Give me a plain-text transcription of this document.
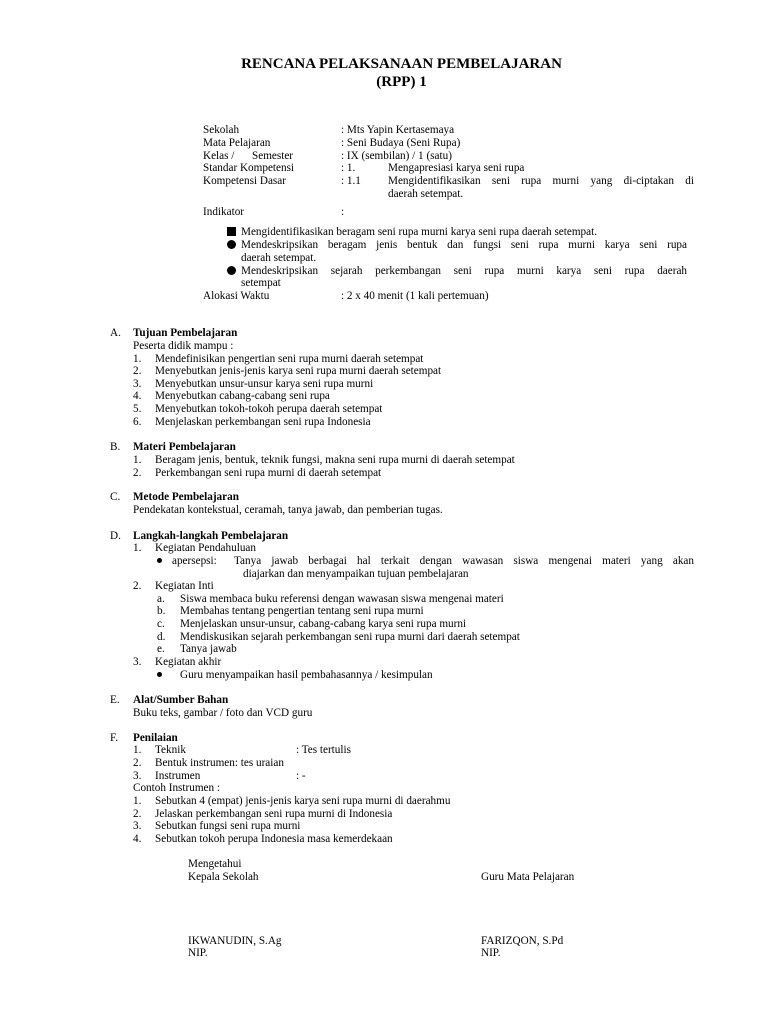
RENCANA PELAKSANAAN PEMBELAJARAN
(RPP) 1
Sekolah	: Mts Yapin Kertasemaya
Mata Pelajaran	: Seni Budaya (Seni Rupa)
Kelas / Semester	: IX (sembilan) / 1 (satu)
Standar Kompetensi	: 1.	Mengapresiasi karya seni rupa
Kompetensi Dasar	: 1.1 Mengidentifikasikan seni rupa murni yang di-ciptakan di
daerah setempat.
Indikator	:
Mengidentifikasikan beragam seni rupa murni karya seni rupa daerah setempat.
Mendeskripsikan beragam jenis bentuk dan fungsi seni rupa murni karya seni rupa
daerah setempat.
Mendeskripsikan sejarah perkembangan seni rupa murni karya seni rupa daerah
setempat
Alokasi Waktu	: 2 x 40 menit (1 kali pertemuan)
A. Tujuan Pembelajaran
Peserta didik mampu :
1. Mendefinisikan pengertian seni rupa murni daerah setempat
2. Menyebutkan jenis-jenis karya seni rupa murni daerah setempat
3. Menyebutkan unsur-unsur karya seni rupa murni
4. Menyebutkan cabang-cabang seni rupa
5. Menyebutkan tokoh-tokoh perupa daerah setempat
6. Menjelaskan perkembangan seni rupa Indonesia
B. Materi Pembelajaran
1. Beragam jenis, bentuk, teknik fungsi, makna seni rupa murni di daerah setempat
2. Perkembangan seni rupa murni di daerah setempat
C. Metode Pembelajaran
Pendekatan kontekstual, ceramah, tanya jawab, dan pemberian tugas.
D. Langkah-langkah Pembelajaran
1. Kegiatan Pendahuluan
apersepsi: Tanya jawab berbagai hal terkait dengan wawasan siswa mengenai materi yang akan
diajarkan dan menyampaikan tujuan pembelajaran
2. Kegiatan Inti
a. Siswa membaca buku referensi dengan wawasan siswa mengenai materi
b. Membahas tentang pengertian tentang seni rupa murni
c. Menjelaskan unsur-unsur, cabang-cabang karya seni rupa murni
d. Mendiskusikan sejarah perkembangan seni rupa murni dari daerah setempat
e. Tanya jawab
3. Kegiatan akhir
Guru menyampaikan hasil pembahasannya / kesimpulan
E. Alat/Sumber Bahan
Buku teks, gambar / foto dan VCD guru
F. Penilaian
1. Teknik	: Tes tertulis
2. Bentuk instrumen: tes uraian
3. Instrumen	: -
Contoh Instrumen :
1. Sebutkan 4 (empat) jenis-jenis karya seni rupa murni di daerahmu
2. Jelaskan perkembangan seni rupa murni di Indonesia
3. Sebutkan fungsi seni rupa murni
4. Sebutkan tokoh perupa Indonesia masa kemerdekaan
Mengetahui
Kepala Sekolah	Guru Mata Pelajaran
IKWANUDIN, S.Ag	FARIZQON, S.Pd
NIP.	NIP.
